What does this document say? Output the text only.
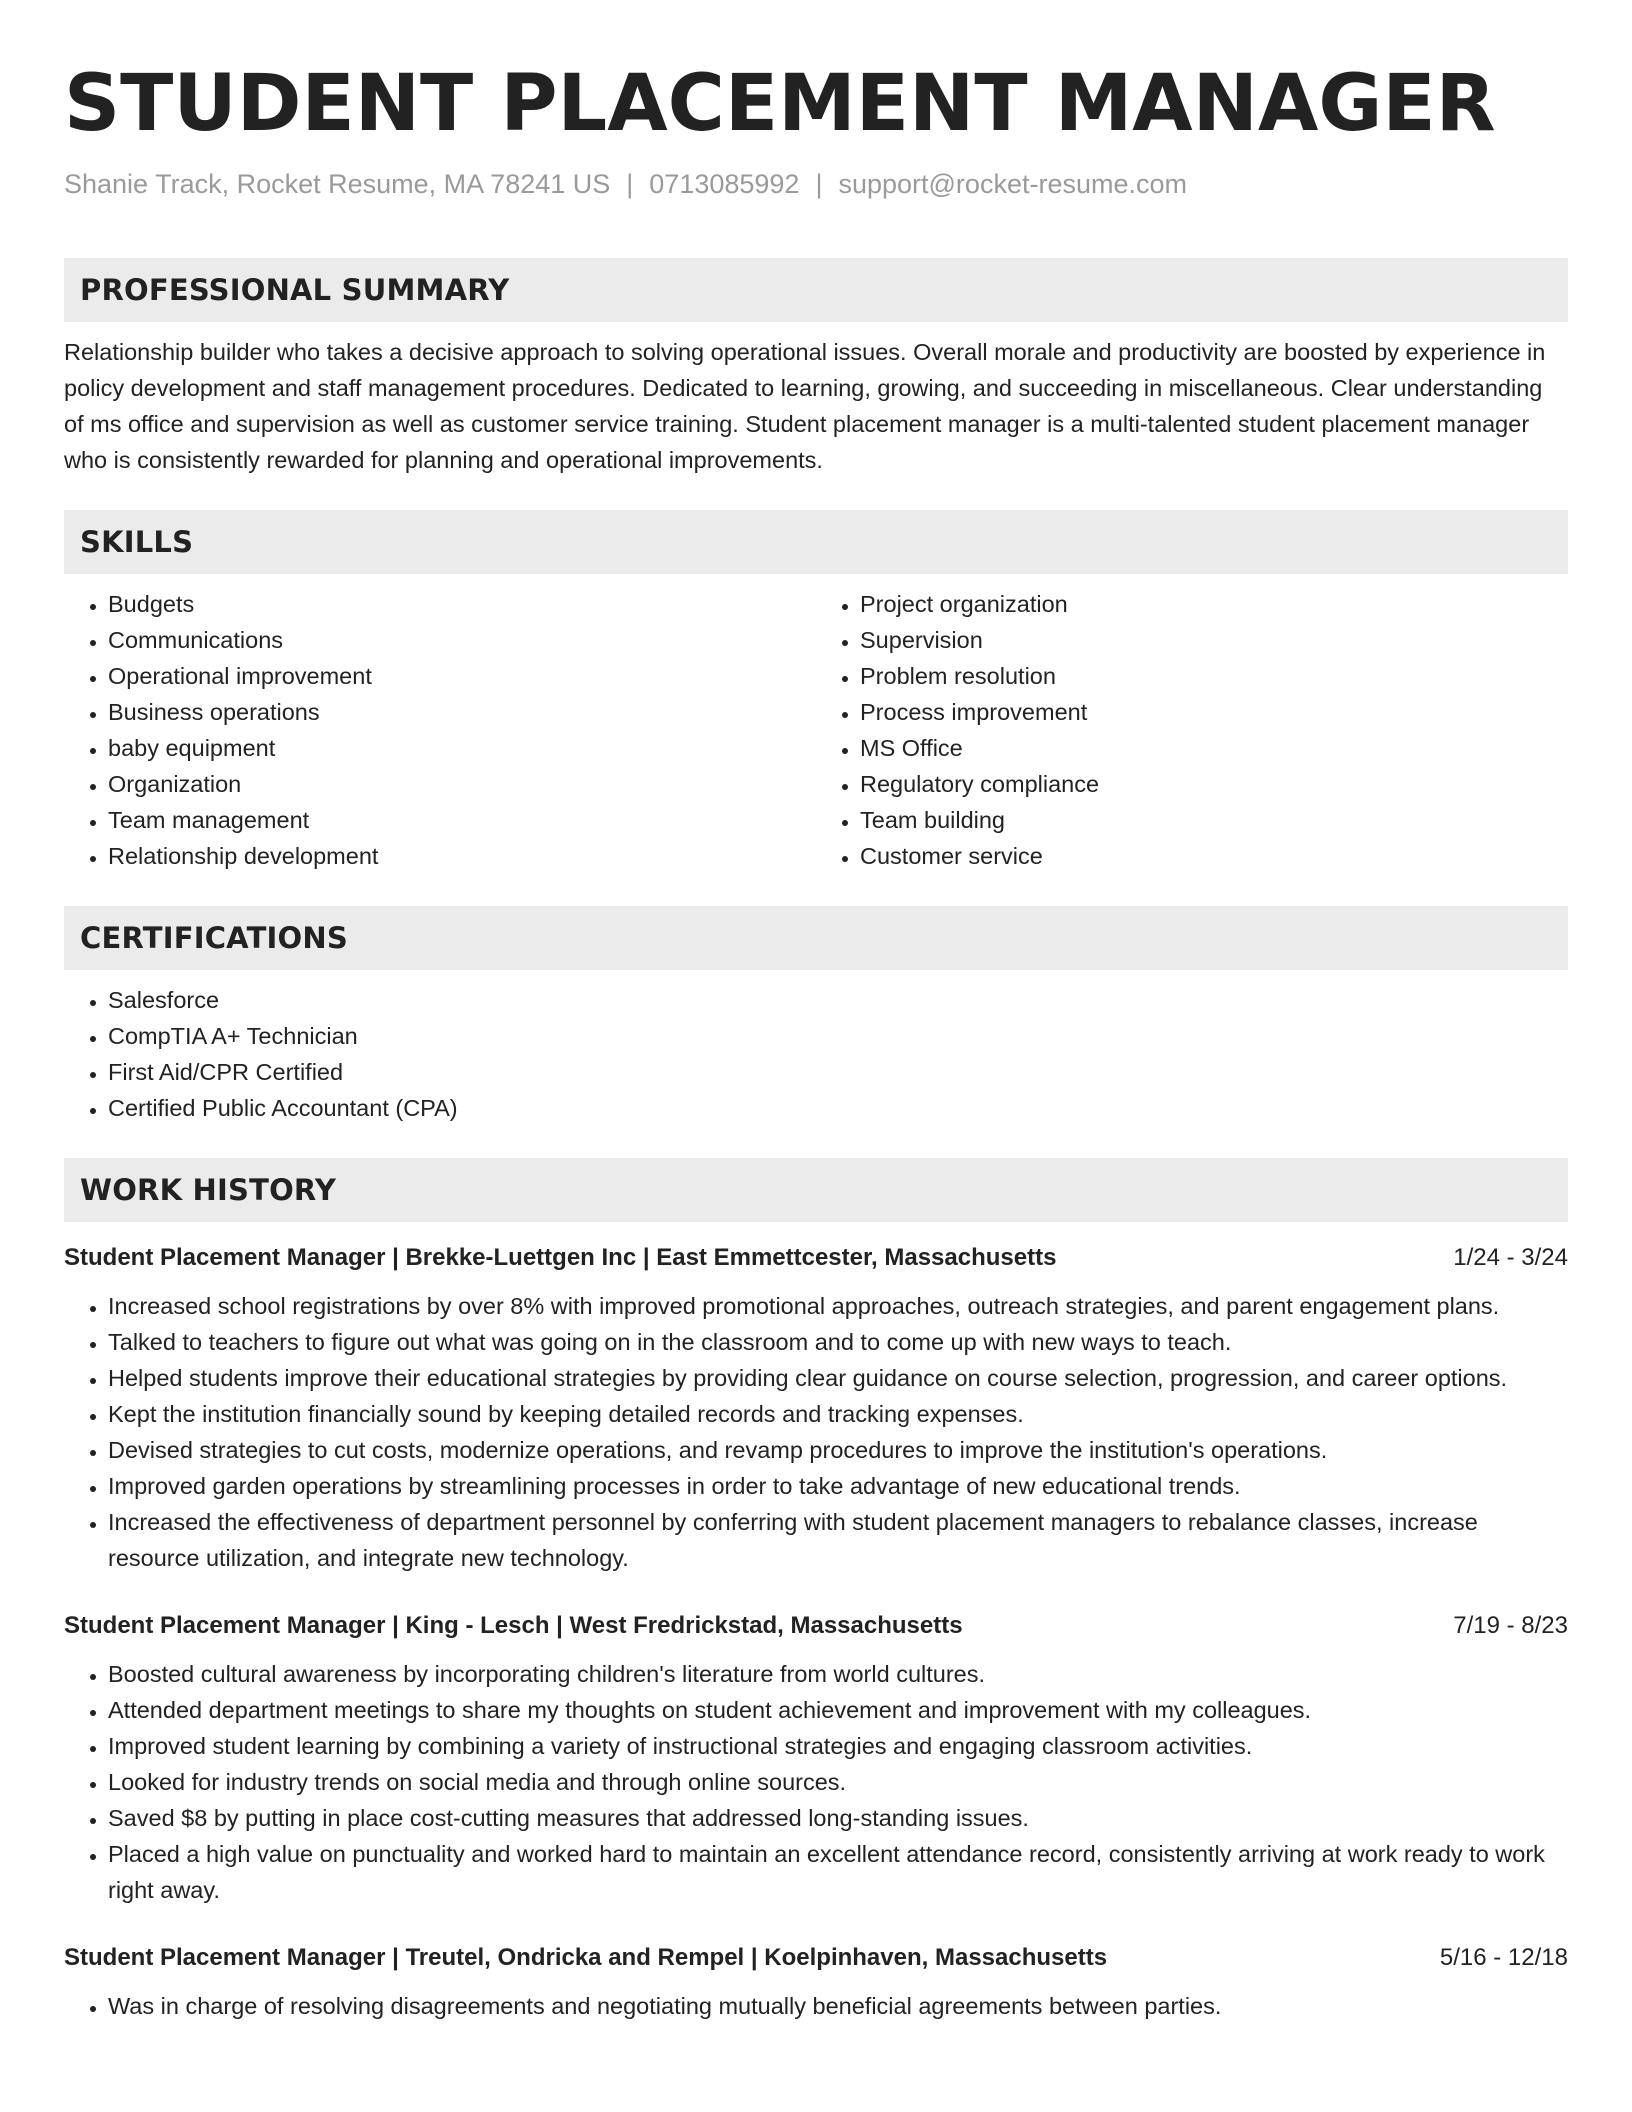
STUDENT PLACEMENT MANAGER
Shanie Track, Rocket Resume, MA 78241 US | 0713085992 | support@rocket-resume.com
PROFESSIONAL SUMMARY

Relationship builder who takes a decisive approach to solving operational issues. Overall morale and productivity are boosted by experience in policy development and staff management procedures. Dedicated to learning, growing, and succeeding in miscellaneous. Clear understanding of ms office and supervision as well as customer service training. Student placement manager is a multi-talented student placement manager who is consistently rewarded for planning and operational improvements.

SKILLS
• Budgets
• Communications
• Operational improvement
• Business operations
• baby equipment
• Organization
• Team management
• Relationship development
• Project organization
• Supervision
• Problem resolution
• Process improvement
• MS Office
• Regulatory compliance
• Team building
• Customer service
CERTIFICATIONS
• Salesforce
• CompTIA A+ Technician
• First Aid/CPR Certified
• Certified Public Accountant (CPA)
WORK HISTORY
Student Placement Manager | Brekke-Luettgen Inc | East Emmettcester, Massachusetts	1/24 - 3/24
• Increased school registrations by over 8% with improved promotional approaches, outreach strategies, and parent engagement plans.
• Talked to teachers to figure out what was going on in the classroom and to come up with new ways to teach.
• Helped students improve their educational strategies by providing clear guidance on course selection, progression, and career options.
• Kept the institution financially sound by keeping detailed records and tracking expenses.
• Devised strategies to cut costs, modernize operations, and revamp procedures to improve the institution's operations.
• Improved garden operations by streamlining processes in order to take advantage of new educational trends.
• Increased the effectiveness of department personnel by conferring with student placement managers to rebalance classes, increase resource utilization, and integrate new technology.
Student Placement Manager | King - Lesch | West Fredrickstad, Massachusetts	7/19 - 8/23
• Boosted cultural awareness by incorporating children's literature from world cultures.
• Attended department meetings to share my thoughts on student achievement and improvement with my colleagues.
• Improved student learning by combining a variety of instructional strategies and engaging classroom activities.
• Looked for industry trends on social media and through online sources.
• Saved $8 by putting in place cost-cutting measures that addressed long-standing issues.
• Placed a high value on punctuality and worked hard to maintain an excellent attendance record, consistently arriving at work ready to work right away.
Student Placement Manager | Treutel, Ondricka and Rempel | Koelpinhaven, Massachusetts	5/16 - 12/18
• Was in charge of resolving disagreements and negotiating mutually beneficial agreements between parties.
